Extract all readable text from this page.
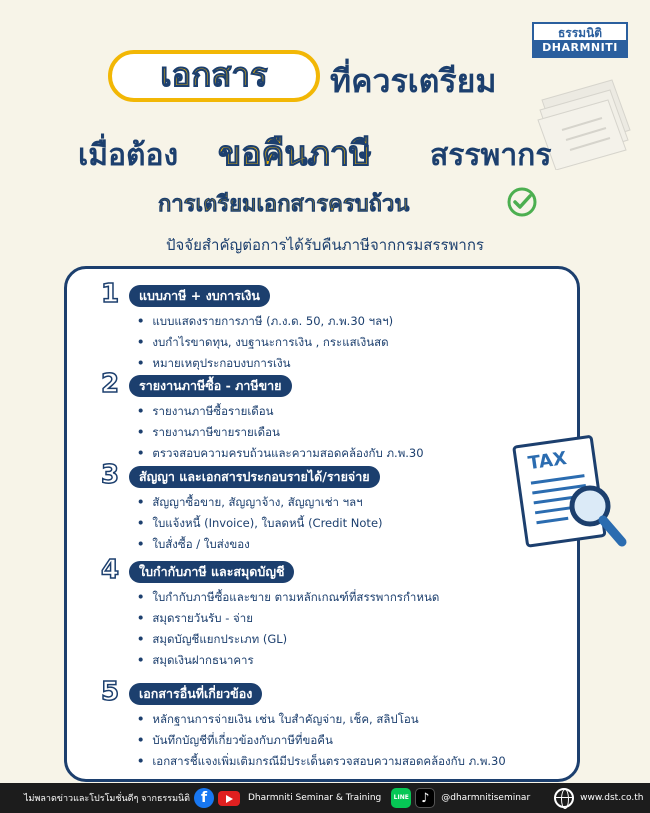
ธรรมนิติ
DHARMNITI
เอกสาร	ที่ควรเตรียม
เมื่อต้อง ขอคืนภาษี สรรพากร
การเตรียมเอกสารครบถ้วน
ปัจจัยสำคัญต่อการได้รับคืนภาษีจากกรมสรรพากร
1	แบบภาษี + งบการเงิน
• แบบแสดงรายการภาษี (ภ.ง.ด. 50, ภ.พ.30 ฯลฯ)
• งบกำไรขาดทุน, งบฐานะการเงิน , กระแสเงินสด
• หมายเหตุประกอบงบการเงิน
2	รายงานภาษีซื้อ - ภาษีขาย
• รายงานภาษีซื้อรายเดือน
• รายงานภาษีขายรายเดือน
• ตรวจสอบความครบถ้วนและความสอดคล้องกับ ภ.พ.30
3	สัญญา และเอกสารประกอบรายได้/รายจ่าย
• สัญญาซื้อขาย, สัญญาจ้าง, สัญญาเช่า ฯลฯ
• ใบแจ้งหนี้ (Invoice), ใบลดหนี้ (Credit Note)
• ใบสั่งซื้อ / ใบส่งของ
4	ใบกำกับภาษี และสมุดบัญชี
• ใบกำกับภาษีซื้อและขาย ตามหลักเกณฑ์ที่สรรพากรกำหนด
• สมุดรายวันรับ - จ่าย
• สมุดบัญชีแยกประเภท (GL)
• สมุดเงินฝากธนาคาร
5	เอกสารอื่นที่เกี่ยวข้อง
• หลักฐานการจ่ายเงิน เช่น ใบสำคัญจ่าย, เช็ค, สลิปโอน
• บันทึกบัญชีที่เกี่ยวข้องกับภาษีที่ขอคืน
• เอกสารชี้แจงเพิ่มเติมกรณีมีประเด็นตรวจสอบความสอดคล้องกับ ภ.พ.30
TAX
ไม่พลาดข่าวและโปรโมชั่นดีๆ จากธรรมนิติ f	Dharmniti Seminar & Training	LINE ♪	@dharmnitiseminar	www.dst.co.th
